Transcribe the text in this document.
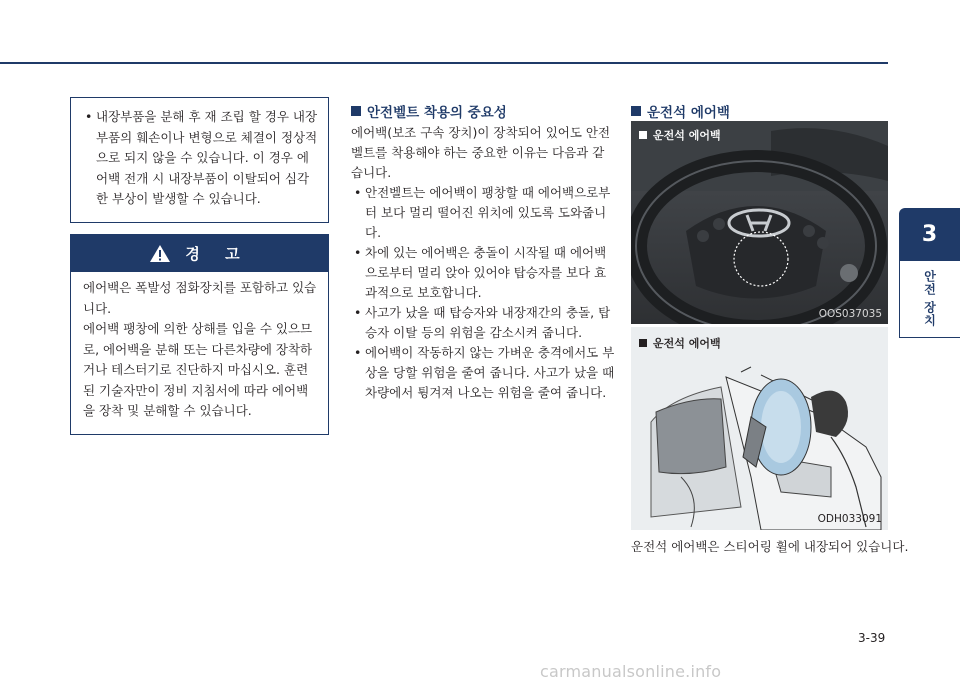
3
안전 장치
• 내장부품을 분해 후 재 조립 할 경우 내장부품의 훼손이나 변형으로 체결이 정상적으로 되지 않을 수 있습니다. 이 경우 에어백 전개 시 내장부품이 이탈되어 심각한 부상이 발생할 수 있습니다.
경 고

에어백은 폭발성 점화장치를 포함하고 있습니다.

에어백 팽창에 의한 상해를 입을 수 있으므로, 에어백을 분해 또는 다른차량에 장착하거나 테스터기로 진단하지 마십시오. 훈련된 기술자만이 정비 지침서에 따라 에어백을 장착 및 분해할 수 있습니다.

안전벨트 착용의 중요성

에어백(보조 구속 장치)이 장착되어 있어도 안전벨트를 착용해야 하는 중요한 이유는 다음과 같습니다.

• 안전벨트는 에어백이 팽창할 때 에어백으로부터 보다 멀리 떨어진 위치에 있도록 도와줍니다.
• 차에 있는 에어백은 충돌이 시작될 때 에어백으로부터 멀리 앉아 있어야 탑승자를 보다 효과적으로 보호합니다.
• 사고가 났을 때 탑승자와 내장재간의 충돌, 탑승자 이탈 등의 위험을 감소시켜 줍니다.
• 에어백이 작동하지 않는 가벼운 충격에서도 부상을 당할 위험을 줄여 줍니다. 사고가 났을 때 차량에서 튕겨져 나오는 위험을 줄여 줍니다.
운전석 에어백
운전석 에어백
OOS037035
운전석 에어백
ODH033091
운전석 에어백은 스티어링 휠에 내장되어 있습니다.
3-39
carmanualsonline.info
